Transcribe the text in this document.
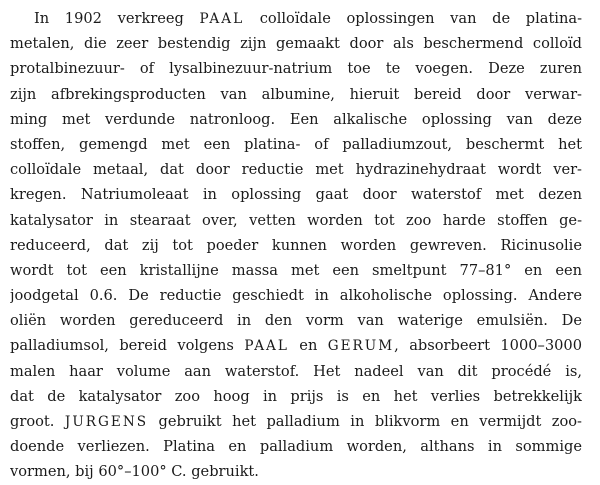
In 1902 verkreeg PAAL colloïdale oplossingen van de platina-
metalen, die zeer bestendig zijn gemaakt door als beschermend colloïd
protalbinezuur- of lysalbinezuur-natrium toe te voegen. Deze zuren
zijn afbrekingsproducten van albumine, hieruit bereid door verwar-
ming met verdunde natronloog. Een alkalische oplossing van deze
stoffen, gemengd met een platina- of palladiumzout, beschermt het
colloïdale metaal, dat door reductie met hydrazinehydraat wordt ver-
kregen. Natriumoleaat in oplossing gaat door waterstof met dezen
katalysator in stearaat over, vetten worden tot zoo harde stoffen ge-
reduceerd, dat zij tot poeder kunnen worden gewreven. Ricinusolie
wordt tot een kristallijne massa met een smeltpunt 77–81° en een
joodgetal 0.6. De reductie geschiedt in alkoholische oplossing. Andere
oliën worden gereduceerd in den vorm van waterige emulsiën. De
palladiumsol, bereid volgens PAAL en GERUM, absorbeert 1000–3000
malen haar volume aan waterstof. Het nadeel van dit procédé is,
dat de katalysator zoo hoog in prijs is en het verlies betrekkelijk
groot. JURGENS gebruikt het palladium in blikvorm en vermijdt zoo-
doende verliezen. Platina en palladium worden, althans in sommige
vormen, bij 60°–100° C. gebruikt.
